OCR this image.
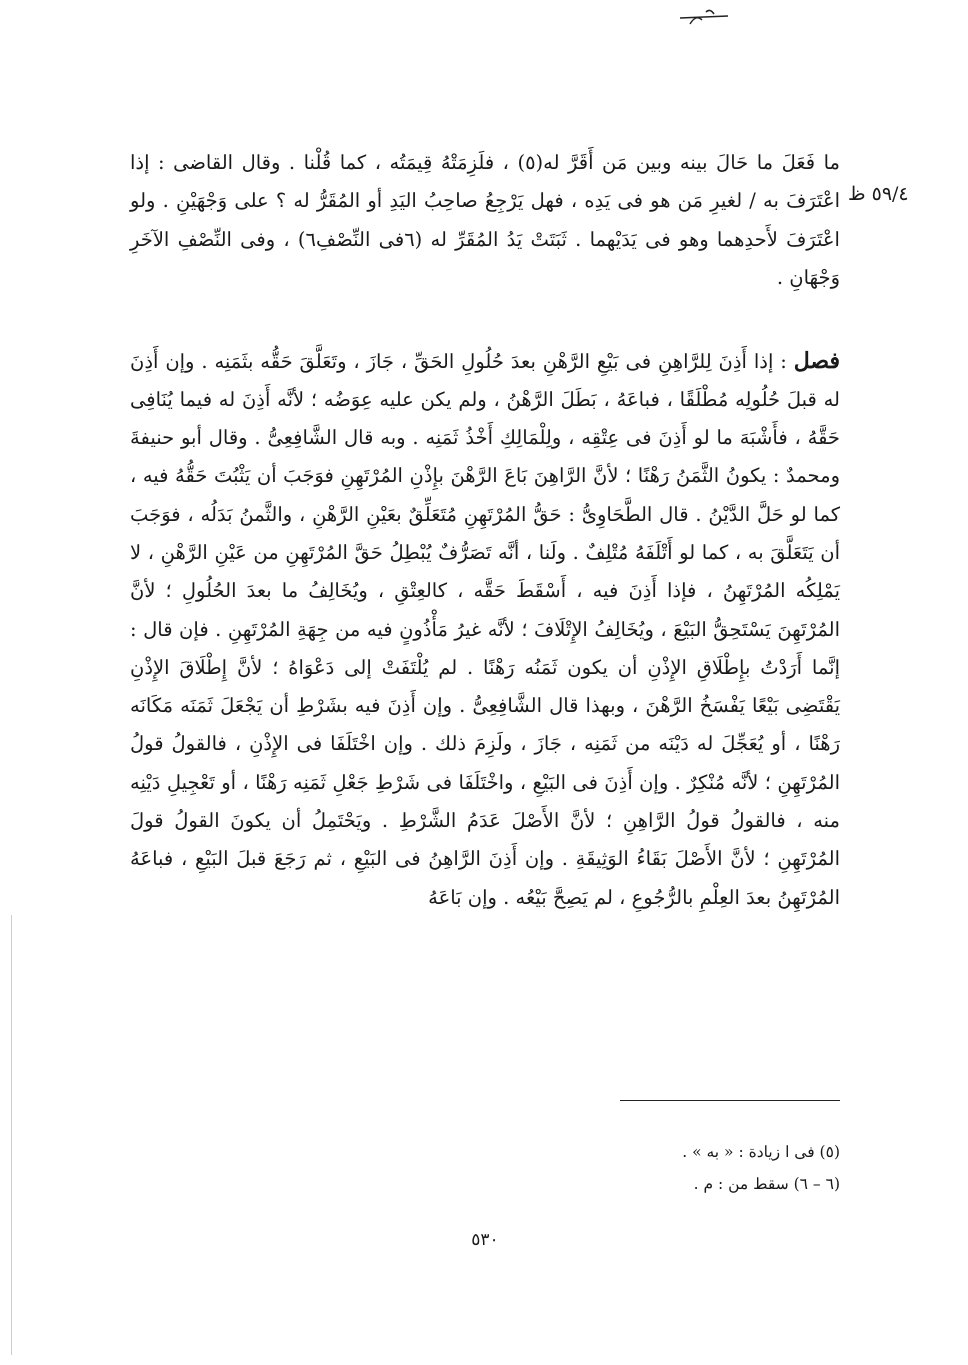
٥٩/٤ ظ

ما فَعَلَ ما حَالَ بينه وبين مَن أَقَرَّ له(٥) ، فلَزِمَتْهُ قِيمَتُه ، كما قُلْنا . وقال القاضى : إذا اعْتَرَفَ به / لغيرِ مَن هو فى يَدِه ، فهل يَرْجِعُ صاحِبُ اليَدِ أو المُقَرُّ له ؟ على وَجْهَيْنِ . ولو اعْتَرَفَ لأَحدِهما وهو فى يَدَيْهما . ثَبَتَتْ يَدُ المُقَرِّ له (٦فى النِّصْفِ٦) ، وفى النِّصْفِ الآخَرِ وَجْهَانِ .

فصل : إذا أَذِنَ لِلرَّاهِنِ فى بَيْعِ الرَّهْنِ بعدَ حُلُولِ الحَقِّ ، جَازَ ، وتَعَلَّقَ حَقُّه بثَمَنِه . وإن أَذِنَ له قبلَ حُلُولِه مُطْلَقًا ، فباعَهُ ، بَطَلَ الرَّهْنُ ، ولم يكن عليه عِوَضُه ؛ لأنَّه أَذِنَ له فيما يُنَافِى حَقَّهُ ، فأَشْبَهَ ما لو أَذِنَ فى عِتْقِه ، ولِلْمَالِكِ أَخْذُ ثَمَنِه . وبه قال الشَّافِعِىُّ . وقال أبو حنيفةَ ومحمدٌ : يكونُ الثَّمَنُ رَهْنًا ؛ لأنَّ الرَّاهِنَ بَاعَ الرَّهْنَ بإِذْنِ المُرْتَهِنِ فوَجَبَ أن يَثْبُتَ حَقُّهُ فيه ، كما لو حَلَّ الدَّيْنُ . قال الطَّحَاوِىُّ : حَقُّ المُرْتَهِنِ مُتَعَلِّقٌ بعَيْنِ الرَّهْنِ ، والثَّمنُ بَدَلُه ، فوَجَبَ أن يَتَعَلَّقَ به ، كما لو أَتْلَفَهُ مُتْلِفٌ . ولَنا ، أنَّه تَصَرُّفٌ يُبْطِلُ حَقَّ المُرْتَهِنِ من عَيْنِ الرَّهْنِ ، لا يَمْلِكُه المُرْتَهِنُ ، فإذا أَذِنَ فيه ، أَسْقَطَ حَقَّه ، كالعِتْقِ ، ويُخَالِفُ ما بعدَ الحُلُولِ ؛ لأنَّ المُرْتَهِنَ يَسْتَحِقُّ البَيْعَ ، ويُخَالِفُ الإِتْلَافَ ؛ لأنَّه غيرُ مَأْذُونٍ فيه من جِهَةِ المُرْتَهِنِ . فإن قال : إنَّما أَرَدْتُ بإِطْلَاقِ الإِذْنِ أن يكون ثَمَنُه رَهْنًا . لم يُلْتَفَتْ إلى دَعْوَاهُ ؛ لأنَّ إِطْلَاقَ الإِذْنِ يَقْتَضِى بَيْعًا يَفْسَخُ الرَّهْنَ ، وبهذا قال الشَّافِعِىُّ . وإن أَذِنَ فيه بشَرْطِ أن يَجْعَلَ ثَمَنَه مَكَانَه رَهْنًا ، أو يُعَجِّلَ له دَيْنَه من ثَمَنِه ، جَازَ ، ولَزِمَ ذلك . وإن اخْتَلَفَا فى الإِذْنِ ، فالقولُ قولُ المُرْتَهِنِ ؛ لأنَّه مُنْكِرٌ . وإن أَذِنَ فى البَيْعِ ، واخْتَلَفَا فى شَرْطِ جَعْلِ ثَمَنِه رَهْنًا ، أو تَعْجِيلِ دَيْنِه منه ، فالقولُ قولُ الرَّاهِنِ ؛ لأنَّ الأَصْلَ عَدَمُ الشَّرْطِ . ويَحْتَمِلُ أن يكونَ القولُ قولَ المُرْتَهِنِ ؛ لأنَّ الأَصْلَ بَقَاءُ الوَثِيقَةِ . وإن أَذِنَ الرَّاهِنُ فى البَيْعِ ، ثم رَجَعَ قبلَ البَيْعِ ، فباعَهُ المُرْتَهِنُ بعدَ العِلْمِ بالرُّجُوعِ ، لم يَصِحَّ بَيْعُه . وإن بَاعَهُ

(٥) فى ا زيادة : « به » .
(٦ – ٦) سقط من : م .
٥٣٠
